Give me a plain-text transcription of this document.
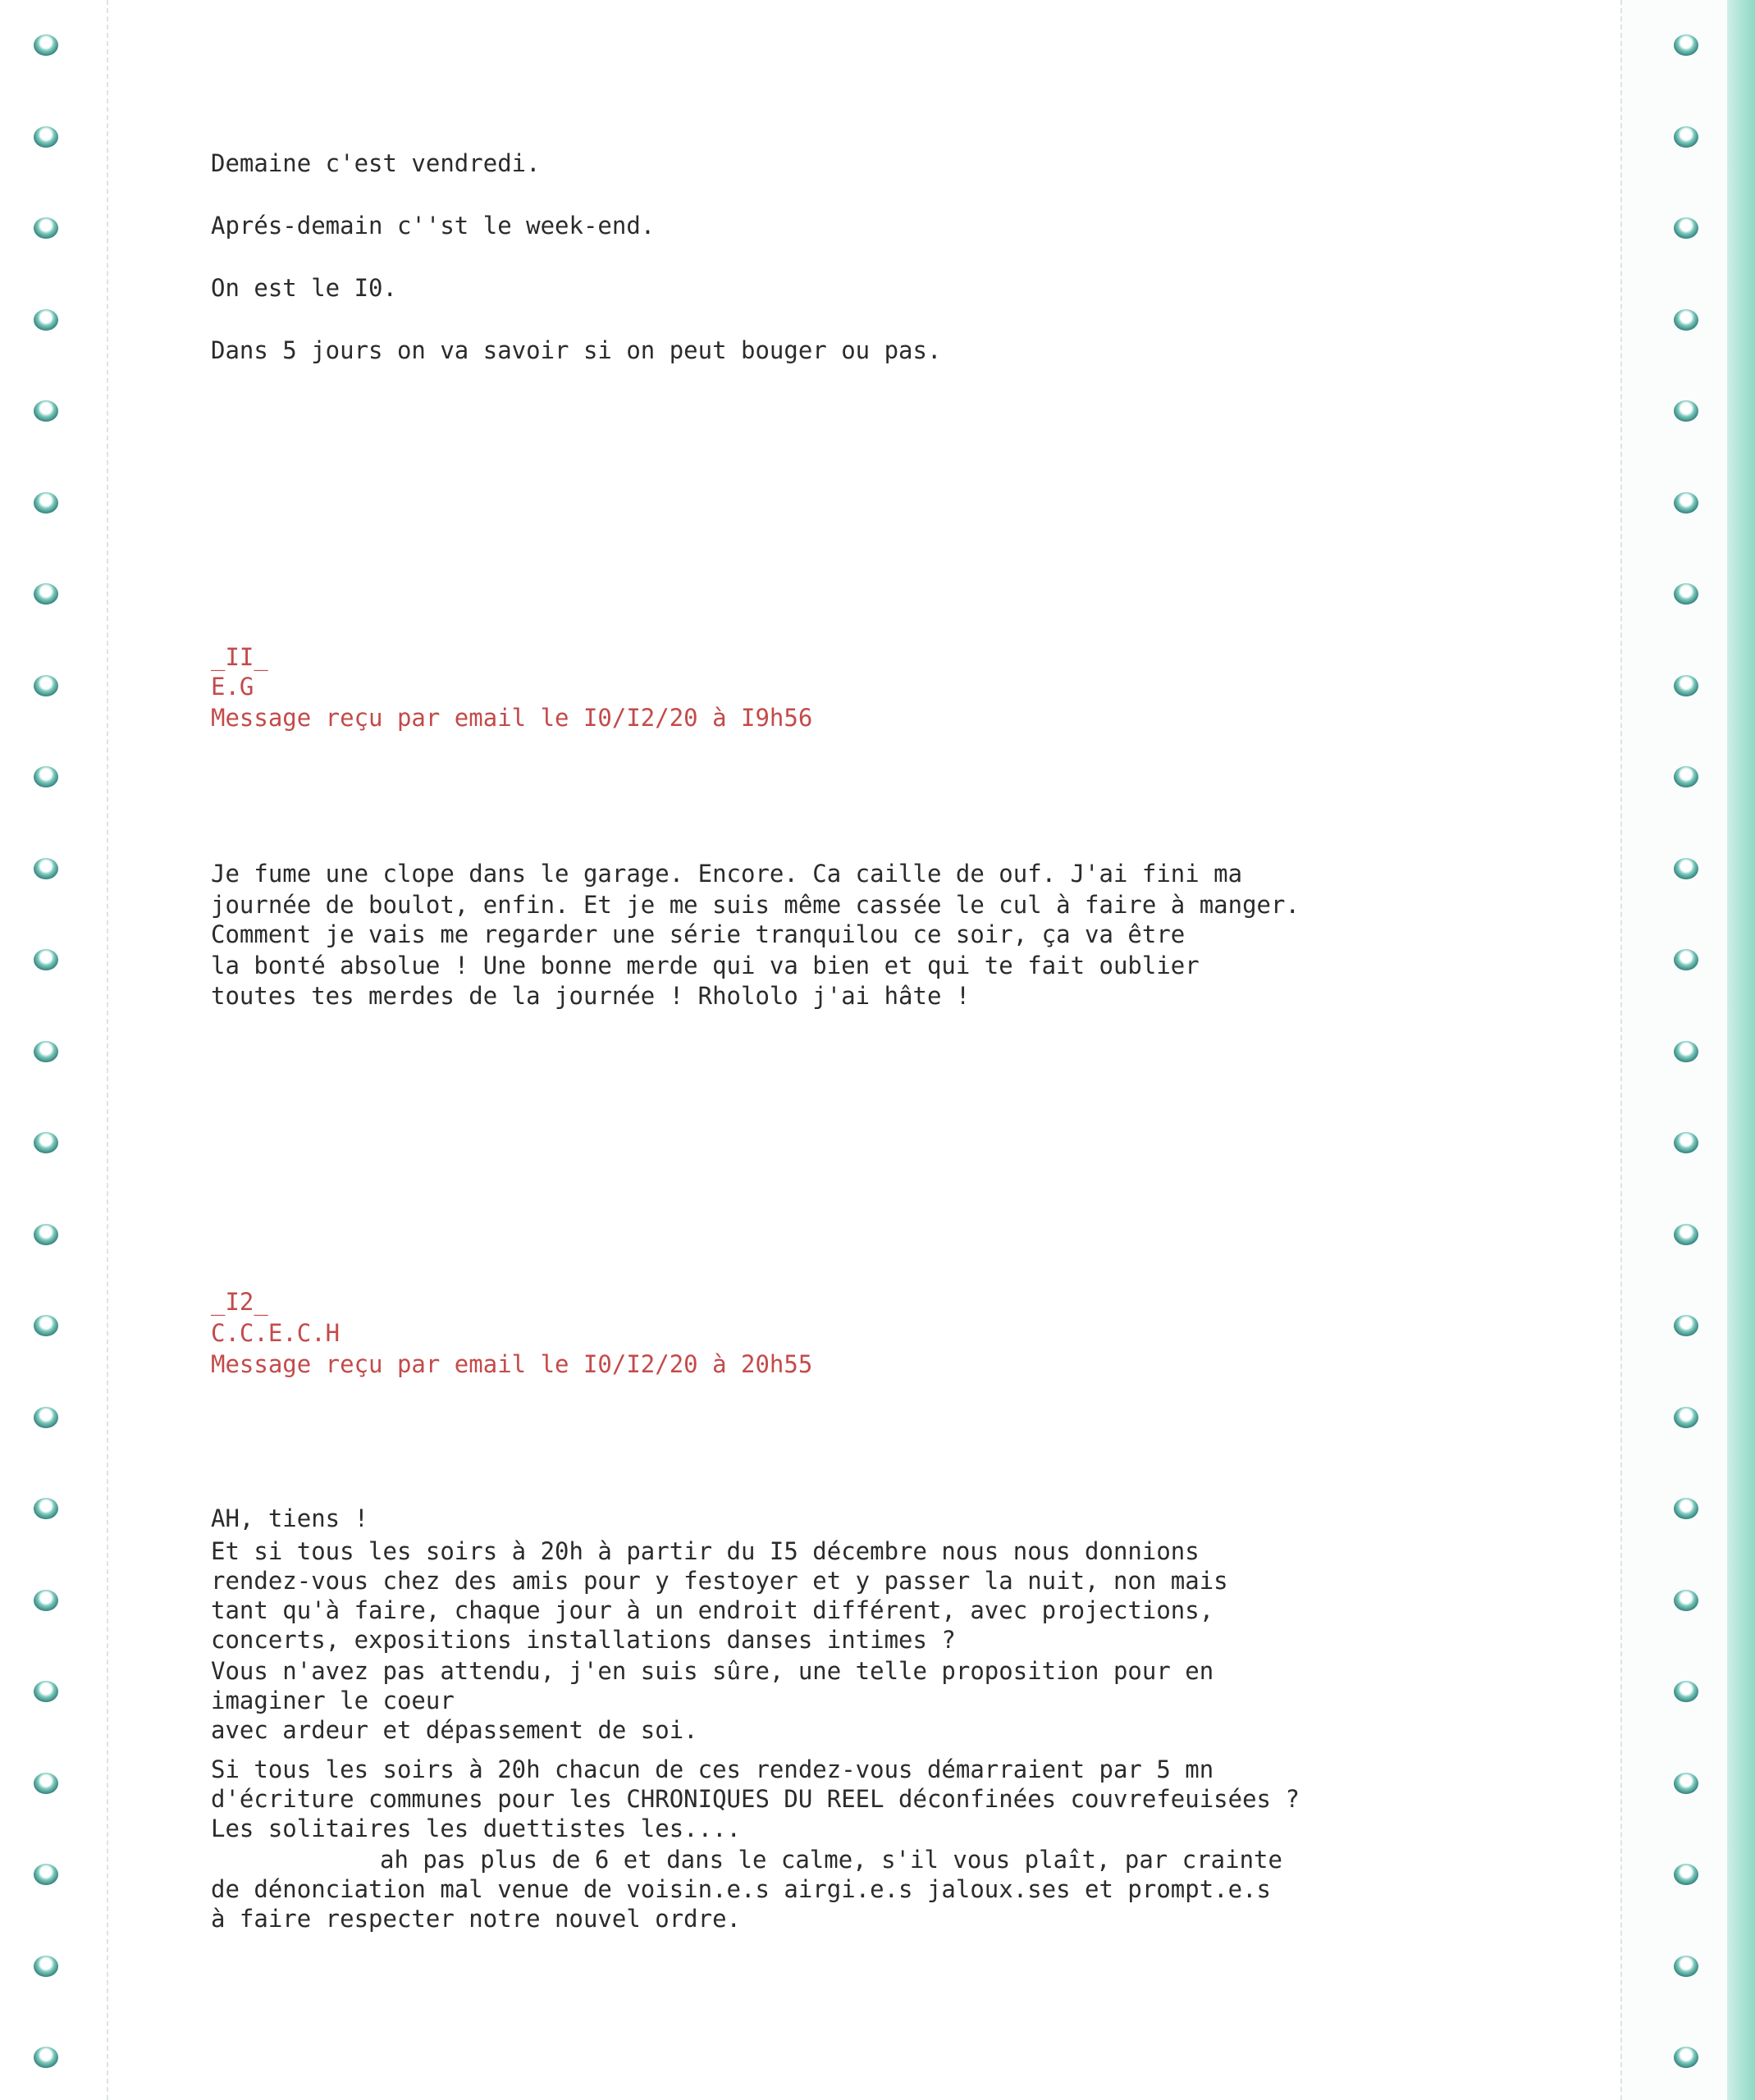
Demaine c'est vendredi.
Aprés-demain c''st le week-end.
On est le I0.
Dans 5 jours on va savoir si on peut bouger ou pas.
_II_
E.G
Message reçu par email le I0/I2/20 à I9h56
Je fume une clope dans le garage. Encore. Ca caille de ouf. J'ai fini ma
journée de boulot, enfin. Et je me suis même cassée le cul à faire à manger.
Comment je vais me regarder une série tranquilou ce soir, ça va être
la bonté absolue ! Une bonne merde qui va bien et qui te fait oublier
toutes tes merdes de la journée ! Rhololo j'ai hâte !
_I2_
C.C.E.C.H
Message reçu par email le I0/I2/20 à 20h55
AH, tiens !
Et si tous les soirs à 20h à partir du I5 décembre nous nous donnions
rendez-vous chez des amis pour y festoyer et y passer la nuit, non mais
tant qu'à faire, chaque jour à un endroit différent, avec projections,
concerts, expositions installations danses intimes ?
Vous n'avez pas attendu, j'en suis sûre, une telle proposition pour en
imaginer le coeur
avec ardeur et dépassement de soi.
Si tous les soirs à 20h chacun de ces rendez-vous démarraient par 5 mn
d'écriture communes pour les CHRONIQUES DU REEL déconfinées couvrefeuisées ?
Les solitaires les duettistes les....
ah pas plus de 6 et dans le calme, s'il vous plaît, par crainte
de dénonciation mal venue de voisin.e.s airgi.e.s jaloux.ses et prompt.e.s
à faire respecter notre nouvel ordre.
